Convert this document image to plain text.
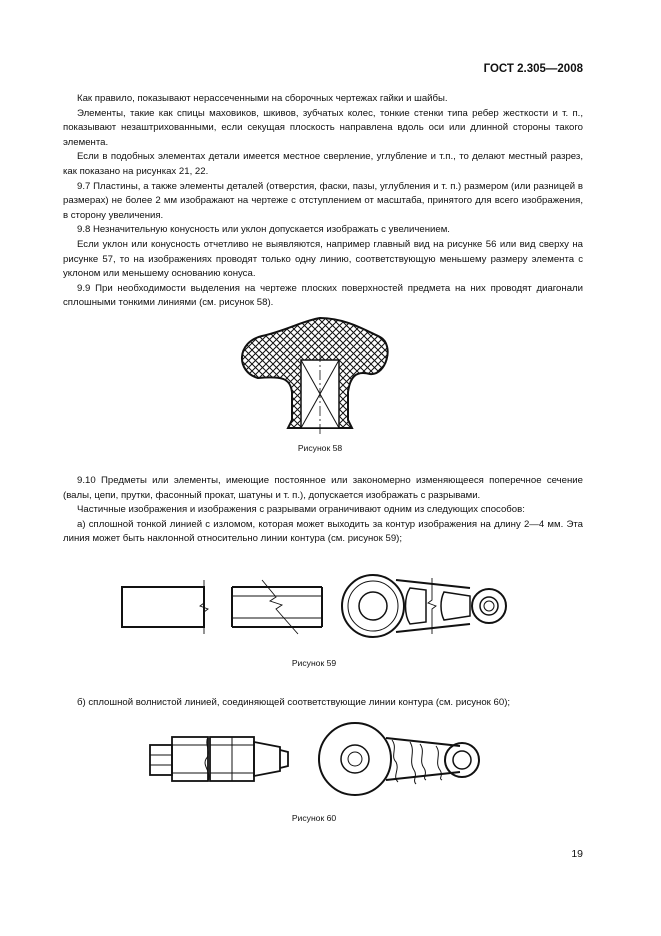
ГОСТ 2.305—2008

Как правило, показывают нерассеченными на сборочных чертежах гайки и шайбы.

Элементы, такие как спицы маховиков, шкивов, зубчатых колес, тонкие стенки типа ребер жесткости и т. п., показывают незаштрихованными, если секущая плоскость направлена вдоль оси или длинной стороны такого элемента.

Если в подобных элементах детали имеется местное сверление, углубление и т.п., то делают местный разрез, как показано на рисунках 21, 22.

9.7 Пластины, а также элементы деталей (отверстия, фаски, пазы, углубления и т. п.) размером (или разницей в размерах) не более 2 мм изображают на чертеже с отступлением от масштаба, принятого для всего изображения, в сторону увеличения.

9.8 Незначительную конусность или уклон допускается изображать с увеличением.

Если уклон или конусность отчетливо не выявляются, например главный вид на рисунке 56 или вид сверху на рисунке 57, то на изображениях проводят только одну линию, соответствующую меньшему размеру элемента с уклоном или меньшему основанию конуса.

9.9 При необходимости выделения на чертеже плоских поверхностей предмета на них проводят диагонали сплошными тонкими линиями (см. рисунок 58).

Рисунок 58

9.10 Предметы или элементы, имеющие постоянное или закономерно изменяющееся поперечное сечение (валы, цепи, прутки, фасонный прокат, шатуны и т. п.), допускается изображать с разрывами.

Частичные изображения и изображения с разрывами ограничивают одним из следующих способов:

а) сплошной тонкой линией с изломом, которая может выходить за контур изображения на длину 2—4 мм. Эта линия может быть наклонной относительно линии контура (см. рисунок 59);

Рисунок 59

б) сплошной волнистой линией, соединяющей соответствующие линии контура (см. рисунок 60);

Рисунок 60
19
